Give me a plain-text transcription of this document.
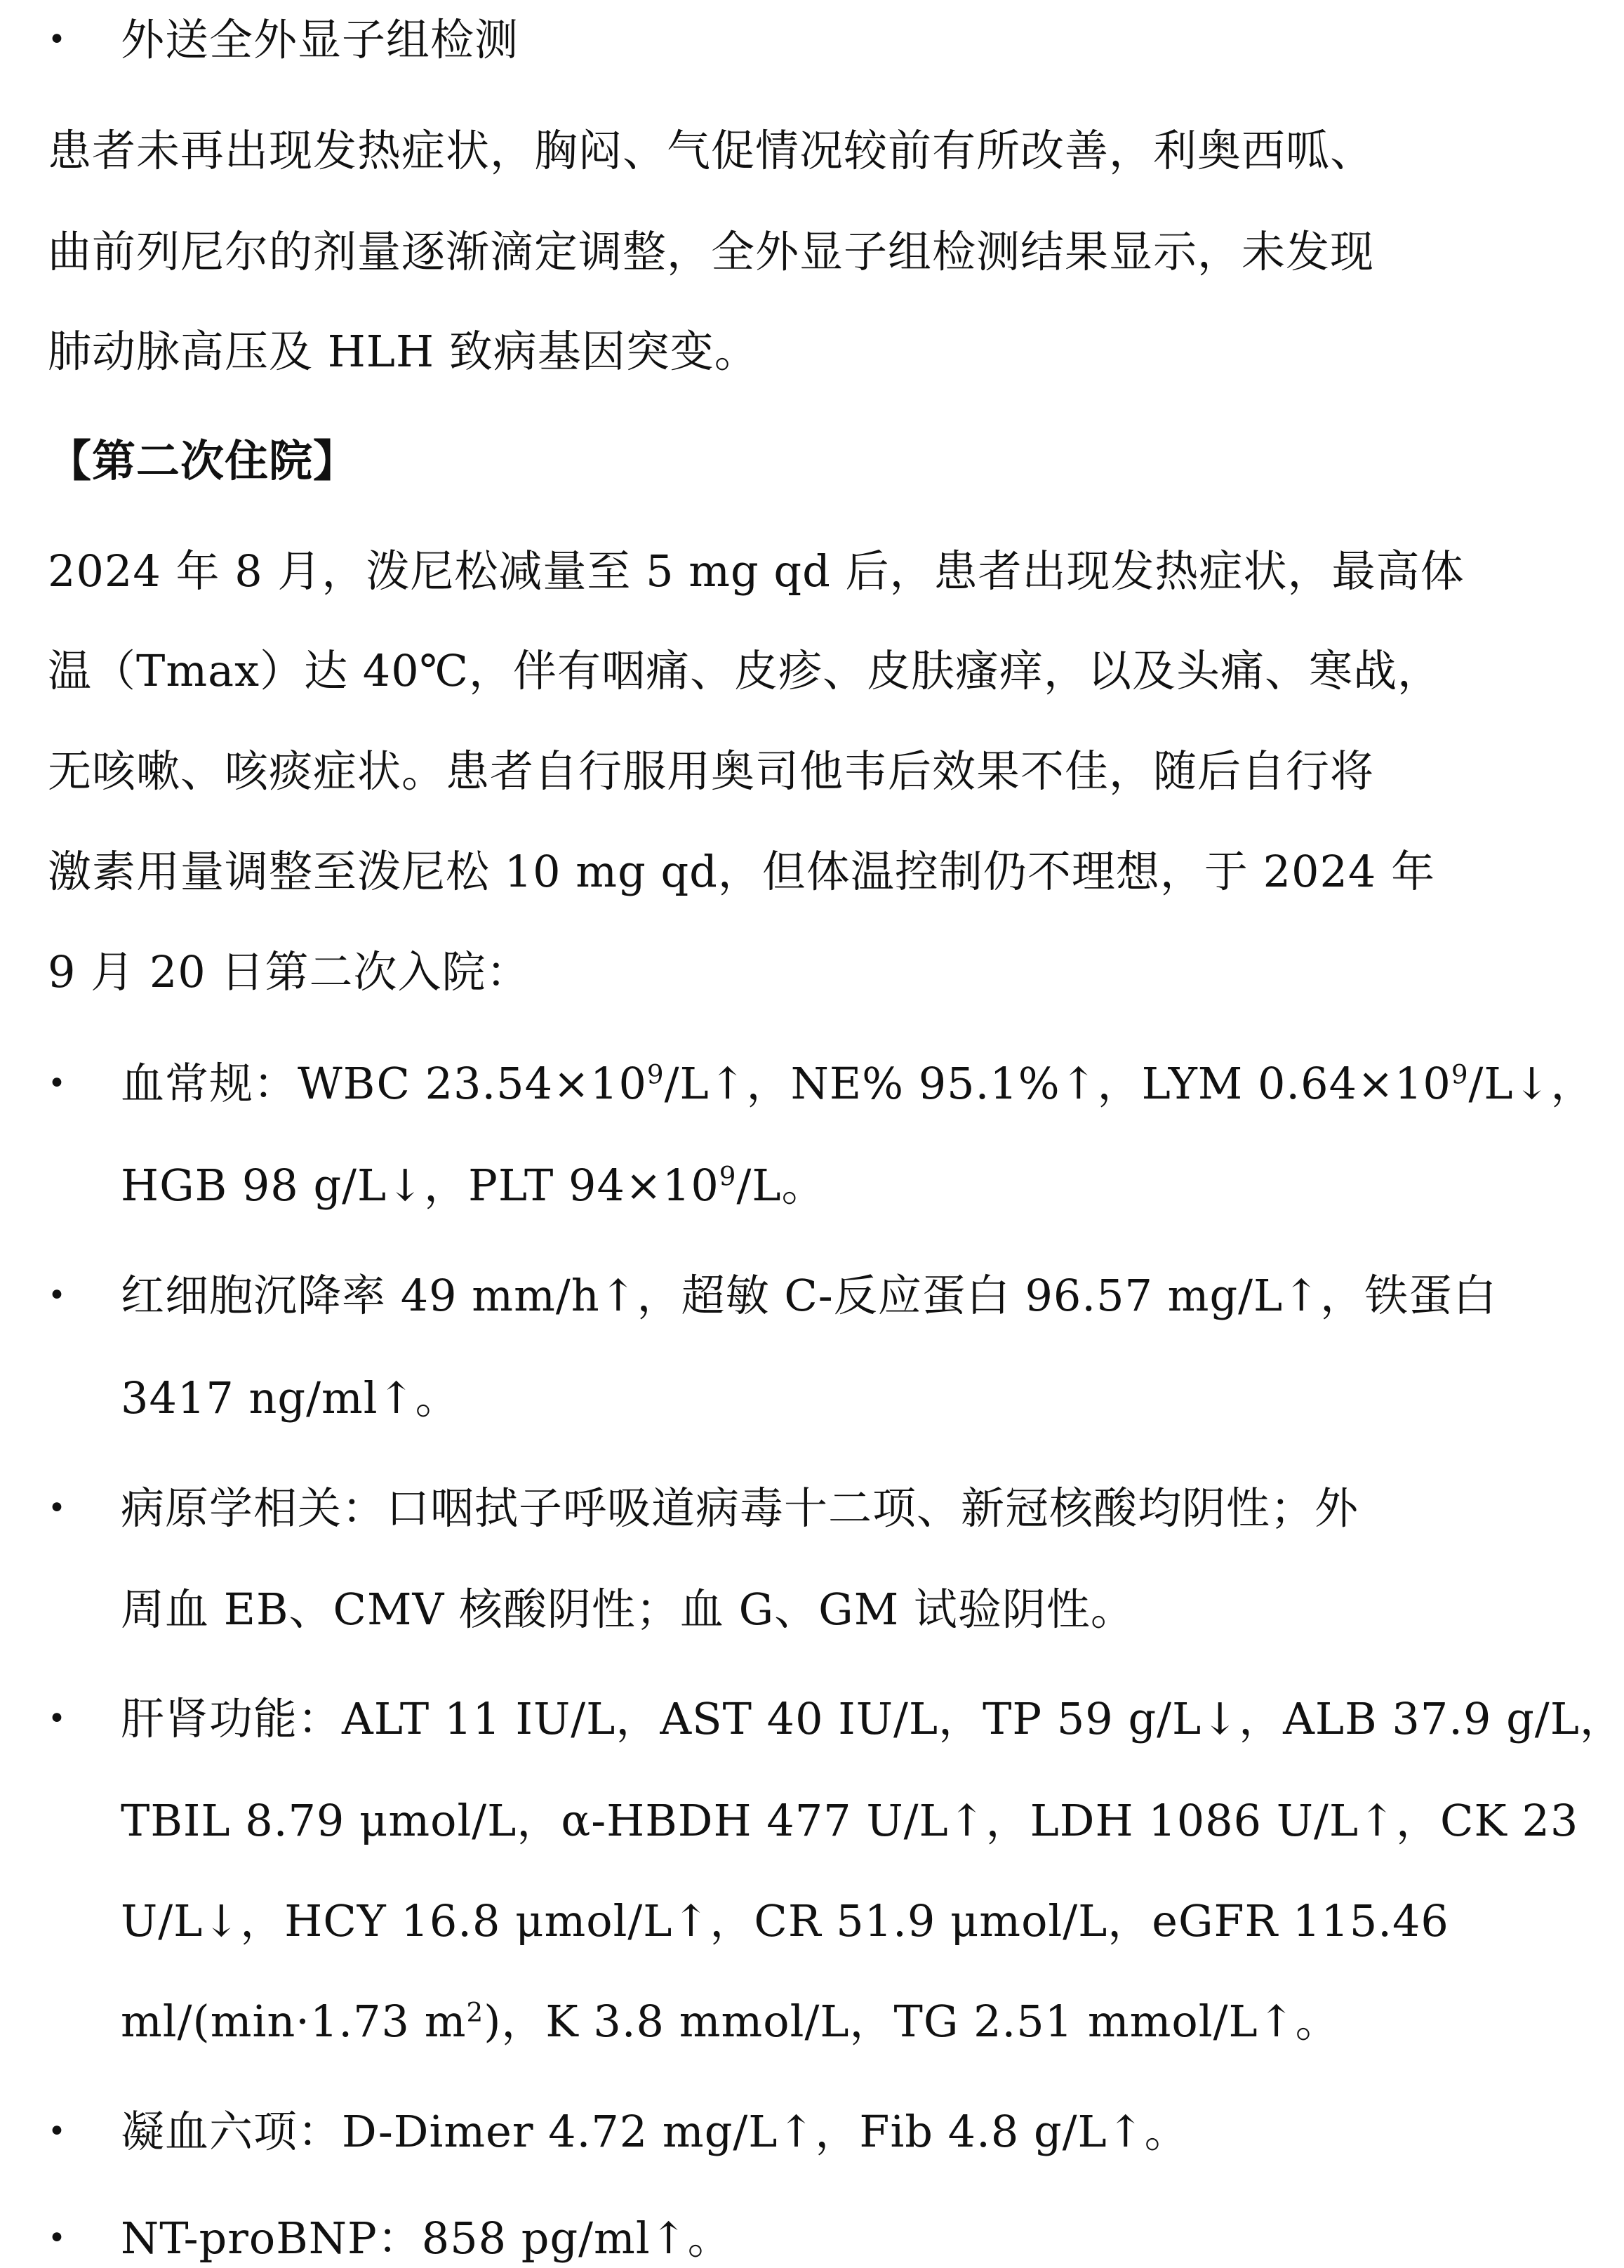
• 外送全外显子组检测
患者未再出现发热症状，胸闷、气促情况较前有所改善，利奥西呱、
曲前列尼尔的剂量逐渐滴定调整，全外显子组检测结果显示，未发现
肺动脉高压及 HLH 致病基因突变。
【第二次住院】
2024 年 8 月，泼尼松减量至 5 mg qd 后，患者出现发热症状，最高体
温（Tmax）达 40℃，伴有咽痛、皮疹、皮肤瘙痒，以及头痛、寒战，
无咳嗽、咳痰症状。患者自行服用奥司他韦后效果不佳，随后自行将
激素用量调整至泼尼松 10 mg qd，但体温控制仍不理想，于 2024 年
9 月 20 日第二次入院：
• 血常规：WBC $23.54\times 10^9/L↑$，NE% 95.1%↑，LYM $0.64\times 10^9/L↓$，
HGB 98 g/L↓，PLT $94\times 10^9/L$。
• 红细胞沉降率 49 mm/h↑，超敏 C-反应蛋白 96.57 mg/L↑，铁蛋白
3417 ng/ml↑。
• 病原学相关：口咽拭子呼吸道病毒十二项、新冠核酸均阴性；外
周血 EB、CMV 核酸阴性；血 G、GM 试验阴性。
• 肝肾功能：ALT 11 IU/L，AST 40 IU/L，TP 59 g/L↓，ALB 37.9 g/L，
TBIL 8.79 μmol/L，α-HBDH 477 U/L↑，LDH 1086 U/L↑，CK 23
U/L↓，HCY 16.8 μmol/L↑，CR 51.9 μmol/L，eGFR 115.46
ml/(min·1.73 $m^2$)，K 3.8 mmol/L，TG 2.51 mmol/L↑。
• 凝血六项：D-Dimer 4.72 mg/L↑，Fib 4.8 g/L↑。
• NT-proBNP：858 pg/ml↑。
